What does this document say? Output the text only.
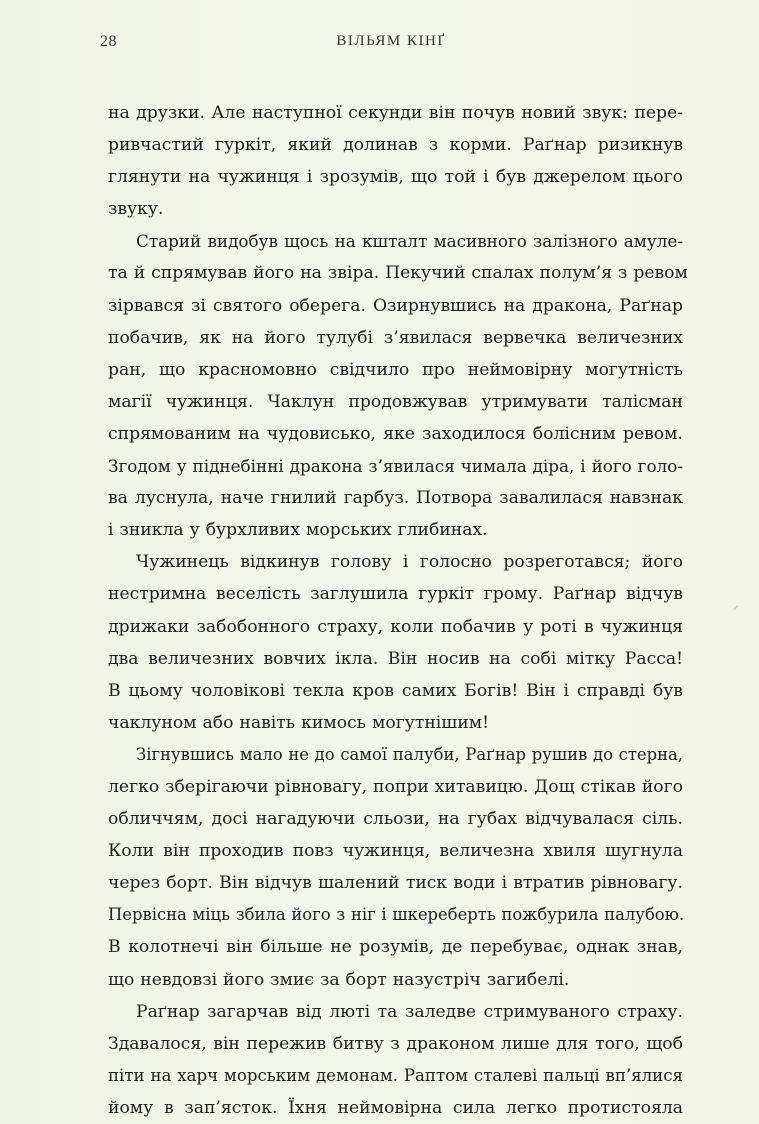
28	ВІЛЬЯМ КІНҐ
на друзки. Але наступної секунди він почув новий звук: пере-
ривчастий гуркіт, який долинав з корми. Раґнар ризикнув
глянути на чужинця і зрозумів, що той і був джерелом цього
звуку.
Старий видобув щось на кшталт масивного залізного амуле-
та й спрямував його на звіра. Пекучий спалах полум’я з ревом
зірвався зі святого оберега. Озирнувшись на дракона, Раґнар
побачив, як на його тулубі з’явилася вервечка величезних
ран, що красномовно свідчило про неймовірну могутність
магії чужинця. Чаклун продовжував утримувати талісман
спрямованим на чудовисько, яке заходилося болісним ревом.
Згодом у піднебінні дракона з’явилася чимала діра, і його голо-
ва луснула, наче гнилий гарбуз. Потвора завалилася навзнак
і зникла у бурхливих морських глибинах.
Чужинець відкинув голову і голосно розреготався; його
нестримна веселість заглушила гуркіт грому. Раґнар відчув
дрижаки забобонного страху, коли побачив у роті в чужинця
два величезних вовчих ікла. Він носив на собі мітку Расса!
В цьому чоловікові текла кров самих Богів! Він і справді був
чаклуном або навіть кимось могутнішим!
Зігнувшись мало не до самої палуби, Раґнар рушив до стерна,
легко зберігаючи рівновагу, попри хитавицю. Дощ стікав його
обличчям, досі нагадуючи сльози, на губах відчувалася сіль.
Коли він проходив повз чужинця, величезна хвиля шугнула
через борт. Він відчув шалений тиск води і втратив рівновагу.
Первісна міць збила його з ніг і шкереберть пожбурила палубою.
В колотнечі він більше не розумів, де перебуває, однак знав,
що невдовзі його змиє за борт назустріч загибелі.
Раґнар загарчав від люті та заледве стримуваного страху.
Здавалося, він пережив битву з драконом лише для того, щоб
піти на харч морським демонам. Раптом сталеві пальці вп’ялися
йому в зап’ясток. Їхня неймовірна сила легко протистояла
⸝
